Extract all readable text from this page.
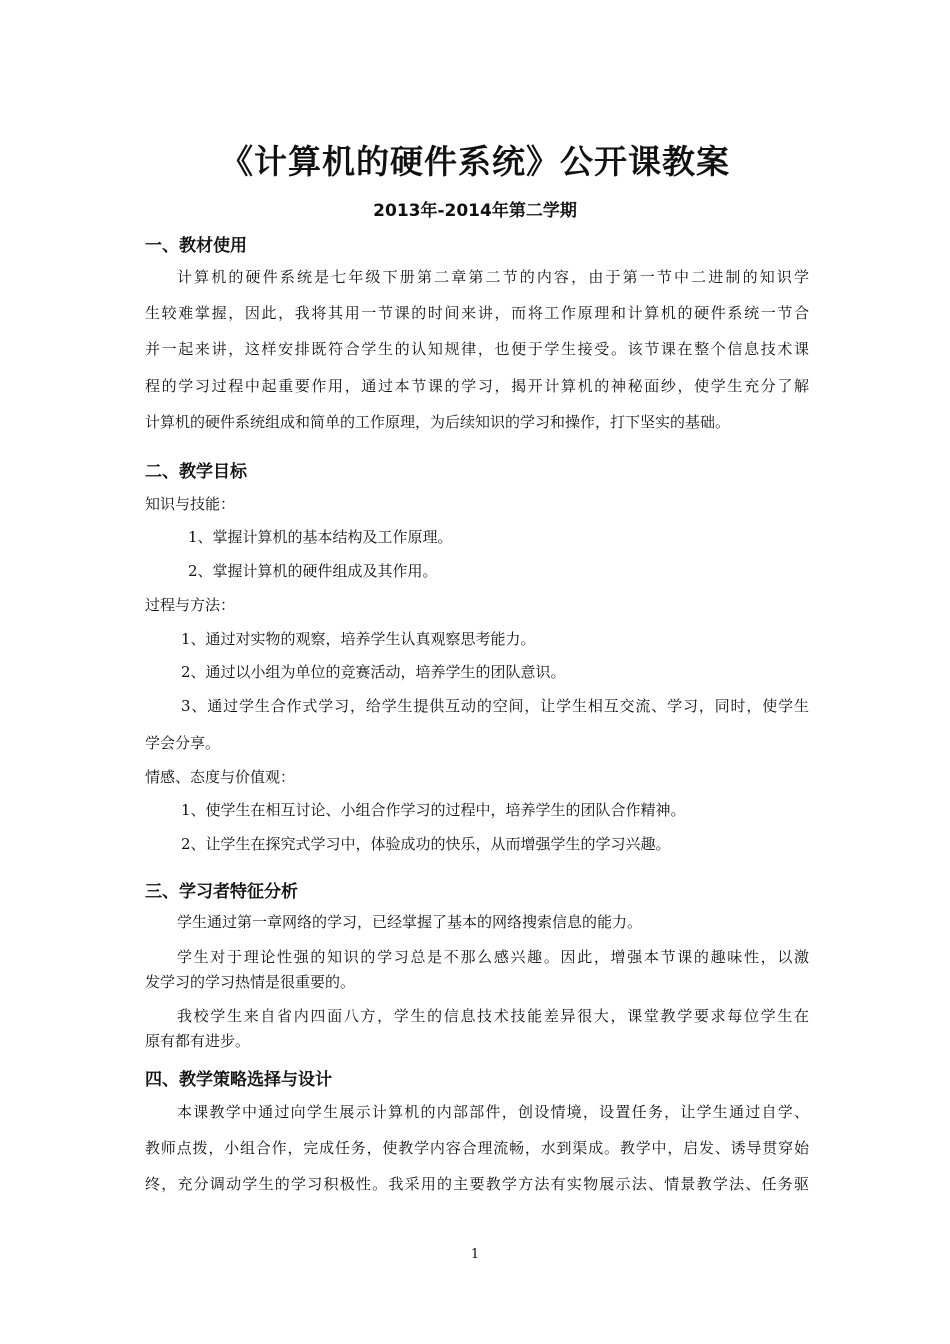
《计算机的硬件系统》公开课教案
2013年-2014年第二学期
一、教材使用
计算机的硬件系统是七年级下册第二章第二节的内容，由于第一节中二进制的知识学
生较难掌握，因此，我将其用一节课的时间来讲，而将工作原理和计算机的硬件系统一节合
并一起来讲，这样安排既符合学生的认知规律，也便于学生接受。该节课在整个信息技术课
程的学习过程中起重要作用，通过本节课的学习，揭开计算机的神秘面纱，使学生充分了解
计算机的硬件系统组成和简单的工作原理，为后续知识的学习和操作，打下坚实的基础。
二、教学目标
知识与技能：
1、掌握计算机的基本结构及工作原理。
2、掌握计算机的硬件组成及其作用。
过程与方法：
1、通过对实物的观察，培养学生认真观察思考能力。
2、通过以小组为单位的竞赛活动，培养学生的团队意识。
3、通过学生合作式学习，给学生提供互动的空间，让学生相互交流、学习，同时，使学生
学会分享。
情感、态度与价值观：
1、使学生在相互讨论、小组合作学习的过程中，培养学生的团队合作精神。
2、让学生在探究式学习中，体验成功的快乐，从而增强学生的学习兴趣。
三、学习者特征分析
学生通过第一章网络的学习，已经掌握了基本的网络搜索信息的能力。
学生对于理论性强的知识的学习总是不那么感兴趣。因此，增强本节课的趣味性，以激
发学习的学习热情是很重要的。
我校学生来自省内四面八方，学生的信息技术技能差异很大，课堂教学要求每位学生在
原有都有进步。
四、教学策略选择与设计
本课教学中通过向学生展示计算机的内部部件，创设情境，设置任务，让学生通过自学、
教师点拨，小组合作，完成任务，使教学内容合理流畅，水到渠成。教学中，启发、诱导贯穿始
终，充分调动学生的学习积极性。我采用的主要教学方法有实物展示法、情景教学法、任务驱
1
